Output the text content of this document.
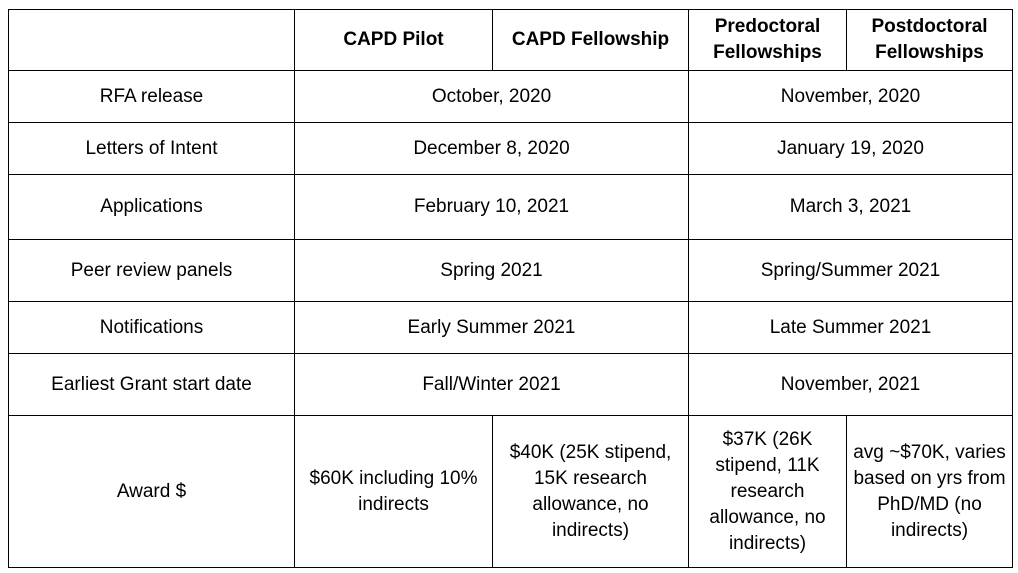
	CAPD Pilot	CAPD Fellowship	Predoctoral Fellowships	Postdoctoral Fellowships
RFA release	October, 2020		November, 2020	
Letters of Intent	December 8, 2020		January 19, 2020	
Applications	February 10, 2021		March 3, 2021	
Peer review panels	Spring 2021		Spring/Summer 2021	
Notifications	Early Summer 2021		Late Summer 2021	
Earliest Grant start date	Fall/Winter 2021		November, 2021	
Award $	$60K including 10% indirects	$40K (25K stipend, 15K research allowance, no indirects)	$37K (26K stipend, 11K research allowance, no indirects)	avg ~$70K, varies based on yrs from PhD/MD (no indirects)
